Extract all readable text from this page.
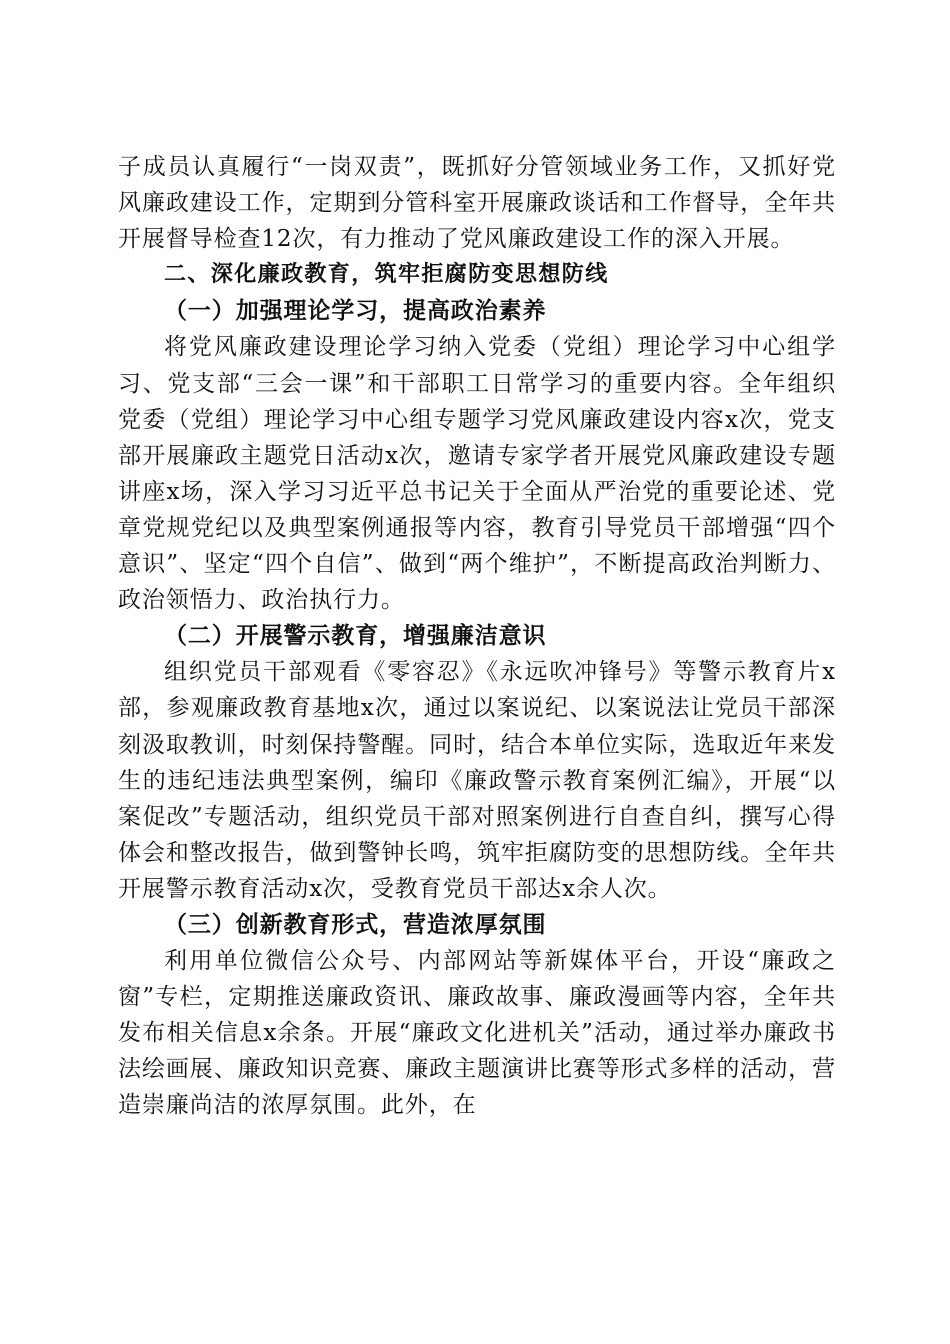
子成员认真履行“一岗双责”，既抓好分管领域业务工作，又抓好党风廉政建设工作，定期到分管科室开展廉政谈话和工作督导，全年共开展督导检查12次，有力推动了党风廉政建设工作的深入开展。

二、深化廉政教育，筑牢拒腐防变思想防线

（一）加强理论学习，提高政治素养

将党风廉政建设理论学习纳入党委（党组）理论学习中心组学习、党支部“三会一课”和干部职工日常学习的重要内容。全年组织党委（党组）理论学习中心组专题学习党风廉政建设内容x次，党支部开展廉政主题党日活动x次，邀请专家学者开展党风廉政建设专题讲座x场，深入学习习近平总书记关于全面从严治党的重要论述、党章党规党纪以及典型案例通报等内容，教育引导党员干部增强“四个意识”、坚定“四个自信”、做到“两个维护”，不断提高政治判断力、政治领悟力、政治执行力。

（二）开展警示教育，增强廉洁意识

组织党员干部观看《零容忍》《永远吹冲锋号》等警示教育片x部，参观廉政教育基地x次，通过以案说纪、以案说法让党员干部深刻汲取教训，时刻保持警醒。同时，结合本单位实际，选取近年来发生的违纪违法典型案例，编印《廉政警示教育案例汇编》，开展“以案促改”专题活动，组织党员干部对照案例进行自查自纠，撰写心得体会和整改报告，做到警钟长鸣，筑牢拒腐防变的思想防线。全年共开展警示教育活动x次，受教育党员干部达x余人次。

（三）创新教育形式，营造浓厚氛围

利用单位微信公众号、内部网站等新媒体平台，开设“廉政之窗”专栏，定期推送廉政资讯、廉政故事、廉政漫画等内容，全年共发布相关信息x余条。开展“廉政文化进机关”活动，通过举办廉政书法绘画展、廉政知识竞赛、廉政主题演讲比赛等形式多样的活动，营造崇廉尚洁的浓厚氛围。此外，在
